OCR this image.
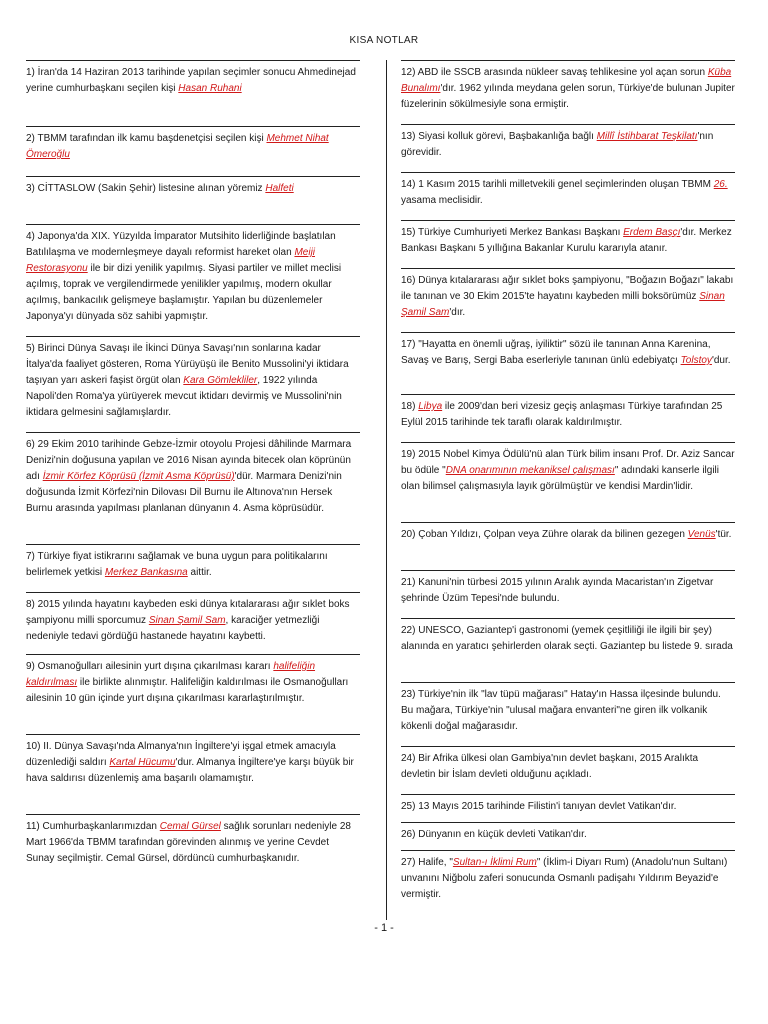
KISA NOTLAR
1) İran'da 14 Haziran 2013 tarihinde yapılan seçimler sonucu Ahmedinejad yerine cumhurbaşkanı seçilen kişi Hasan Ruhani
2) TBMM tarafından ilk kamu başdenetçisi seçilen kişi Mehmet Nihat Ömeroğlu
3) CİTTASLOW (Sakin Şehir) listesine alınan yöremiz Halfeti
4) Japonya'da XIX. Yüzyılda İmparator Mutsihito liderliğinde başlatılan Batılılaşma ve modernleşmeye dayalı reformist hareket olan Meiji Restorasyonu ile bir dizi yenilik yapılmış. Siyasi partiler ve millet meclisi açılmış, toprak ve vergilendirmede yenilikler yapılmış, modern okullar açılmış, bankacılık gelişmeye başlamıştır. Yapılan bu düzenlemeler Japonya'yı dünyada söz sahibi yapmıştır.
5) Birinci Dünya Savaşı ile İkinci Dünya Savaşı'nın sonlarına kadar İtalya'da faaliyet gösteren, Roma Yürüyüşü ile Benito Mussolini'yi iktidara taşıyan yarı askeri faşist örgüt olan Kara Gömlekliler, 1922 yılında Napoli'den Roma'ya yürüyerek mevcut iktidarı devirmiş ve Mussolini'nin iktidara gelmesini sağlamışlardır.
6) 29 Ekim 2010 tarihinde Gebze-İzmir otoyolu Projesi dâhilinde Marmara Denizi'nin doğusuna yapılan ve 2016 Nisan ayında bitecek olan köprünün adı İzmir Körfez Köprüsü (İzmit Asma Köprüsü)'dür. Marmara Denizi'nin doğusunda İzmit Körfezi'nin Dilovası Dil Burnu ile Altınova'nın Hersek Burnu arasında yapılması planlanan dünyanın 4. Asma köprüsüdür.
7) Türkiye fiyat istikrarını sağlamak ve buna uygun para politikalarını belirlemek yetkisi Merkez Bankasına aittir.
8) 2015 yılında hayatını kaybeden eski dünya kıtalararası ağır sıklet boks şampiyonu milli sporcumuz Sinan Şamil Sam, karaciğer yetmezliği nedeniyle tedavi gördüğü hastanede hayatını kaybetti.
9) Osmanoğulları ailesinin yurt dışına çıkarılması kararı halifeliğin kaldırılması ile birlikte alınmıştır. Halifeliğin kaldırılması ile Osmanoğulları ailesinin 10 gün içinde yurt dışına çıkarılması kararlaştırılmıştır.
10) II. Dünya Savaşı'nda Almanya'nın İngiltere'yi işgal etmek amacıyla düzenlediği saldırı Kartal Hücumu'dur. Almanya İngiltere'ye karşı büyük bir hava saldırısı düzenlemiş ama başarılı olamamıştır.
11) Cumhurbaşkanlarımızdan Cemal Gürsel sağlık sorunları nedeniyle 28 Mart 1966'da TBMM tarafından görevinden alınmış ve yerine Cevdet Sunay seçilmiştir. Cemal Gürsel, dördüncü cumhurbaşkanıdır.
12) ABD ile SSCB arasında nükleer savaş tehlikesine yol açan sorun Küba Bunalımı'dır. 1962 yılında meydana gelen sorun, Türkiye'de bulunan Jupiter füzelerinin sökülmesiyle sona ermiştir.
13) Siyasi kolluk görevi, Başbakanlığa bağlı Millî İstihbarat Teşkilatı'nın görevidir.
14) 1 Kasım 2015 tarihli milletvekili genel seçimlerinden oluşan TBMM 26. yasama meclisidir.
15) Türkiye Cumhuriyeti Merkez Bankası Başkanı Erdem Başçı'dır. Merkez Bankası Başkanı 5 yıllığına Bakanlar Kurulu kararıyla atanır.
16) Dünya kıtalararası ağır sıklet boks şampiyonu, "Boğazın Boğazı" lakabı ile tanınan ve 30 Ekim 2015'te hayatını kaybeden milli boksörümüz Sinan Şamil Sam'dır.
17) "Hayatta en önemli uğraş, iyiliktir" sözü ile tanınan Anna Karenina, Savaş ve Barış, Sergi Baba eserleriyle tanınan ünlü edebiyatçı Tolstoy'dur.
18) Libya ile 2009'dan beri vizesiz geçiş anlaşması Türkiye tarafından 25 Eylül 2015 tarihinde tek taraflı olarak kaldırılmıştır.
19) 2015 Nobel Kimya Ödülü'nü alan Türk bilim insanı Prof. Dr. Aziz Sancar bu ödüle "DNA onarımının mekaniksel çalışması" adındaki kanserle ilgili olan bilimsel çalışmasıyla layık görülmüştür ve kendisi Mardin'lidir.
20) Çoban Yıldızı, Çolpan veya Zühre olarak da bilinen gezegen Venüs'tür.
21) Kanuni'nin türbesi 2015 yılının Aralık ayında Macaristan'ın Zigetvar şehrinde Üzüm Tepesi'nde bulundu.
22) UNESCO, Gaziantep'i gastronomi (yemek çeşitliliği ile ilgili bir şey) alanında en yaratıcı şehirlerden olarak seçti. Gaziantep bu listede 9. sırada
23) Türkiye'nin ilk "lav tüpü mağarası" Hatay'ın Hassa ilçesinde bulundu. Bu mağara, Türkiye'nin "ulusal mağara envanteri"ne giren ilk volkanik kökenli doğal mağarasıdır.
24) Bir Afrika ülkesi olan Gambiya'nın devlet başkanı, 2015 Aralıkta devletin bir İslam devleti olduğunu açıkladı.
25) 13 Mayıs 2015 tarihinde Filistin'i tanıyan devlet Vatikan'dır.
26) Dünyanın en küçük devleti Vatikan'dır.
27) Halife, "Sultan-ı İklimi Rum" (İklim-i Diyarı Rum) (Anadolu'nun Sultanı) unvanını Niğbolu zaferi sonucunda Osmanlı padişahı Yıldırım Beyazid'e vermiştir.
- 1 -
